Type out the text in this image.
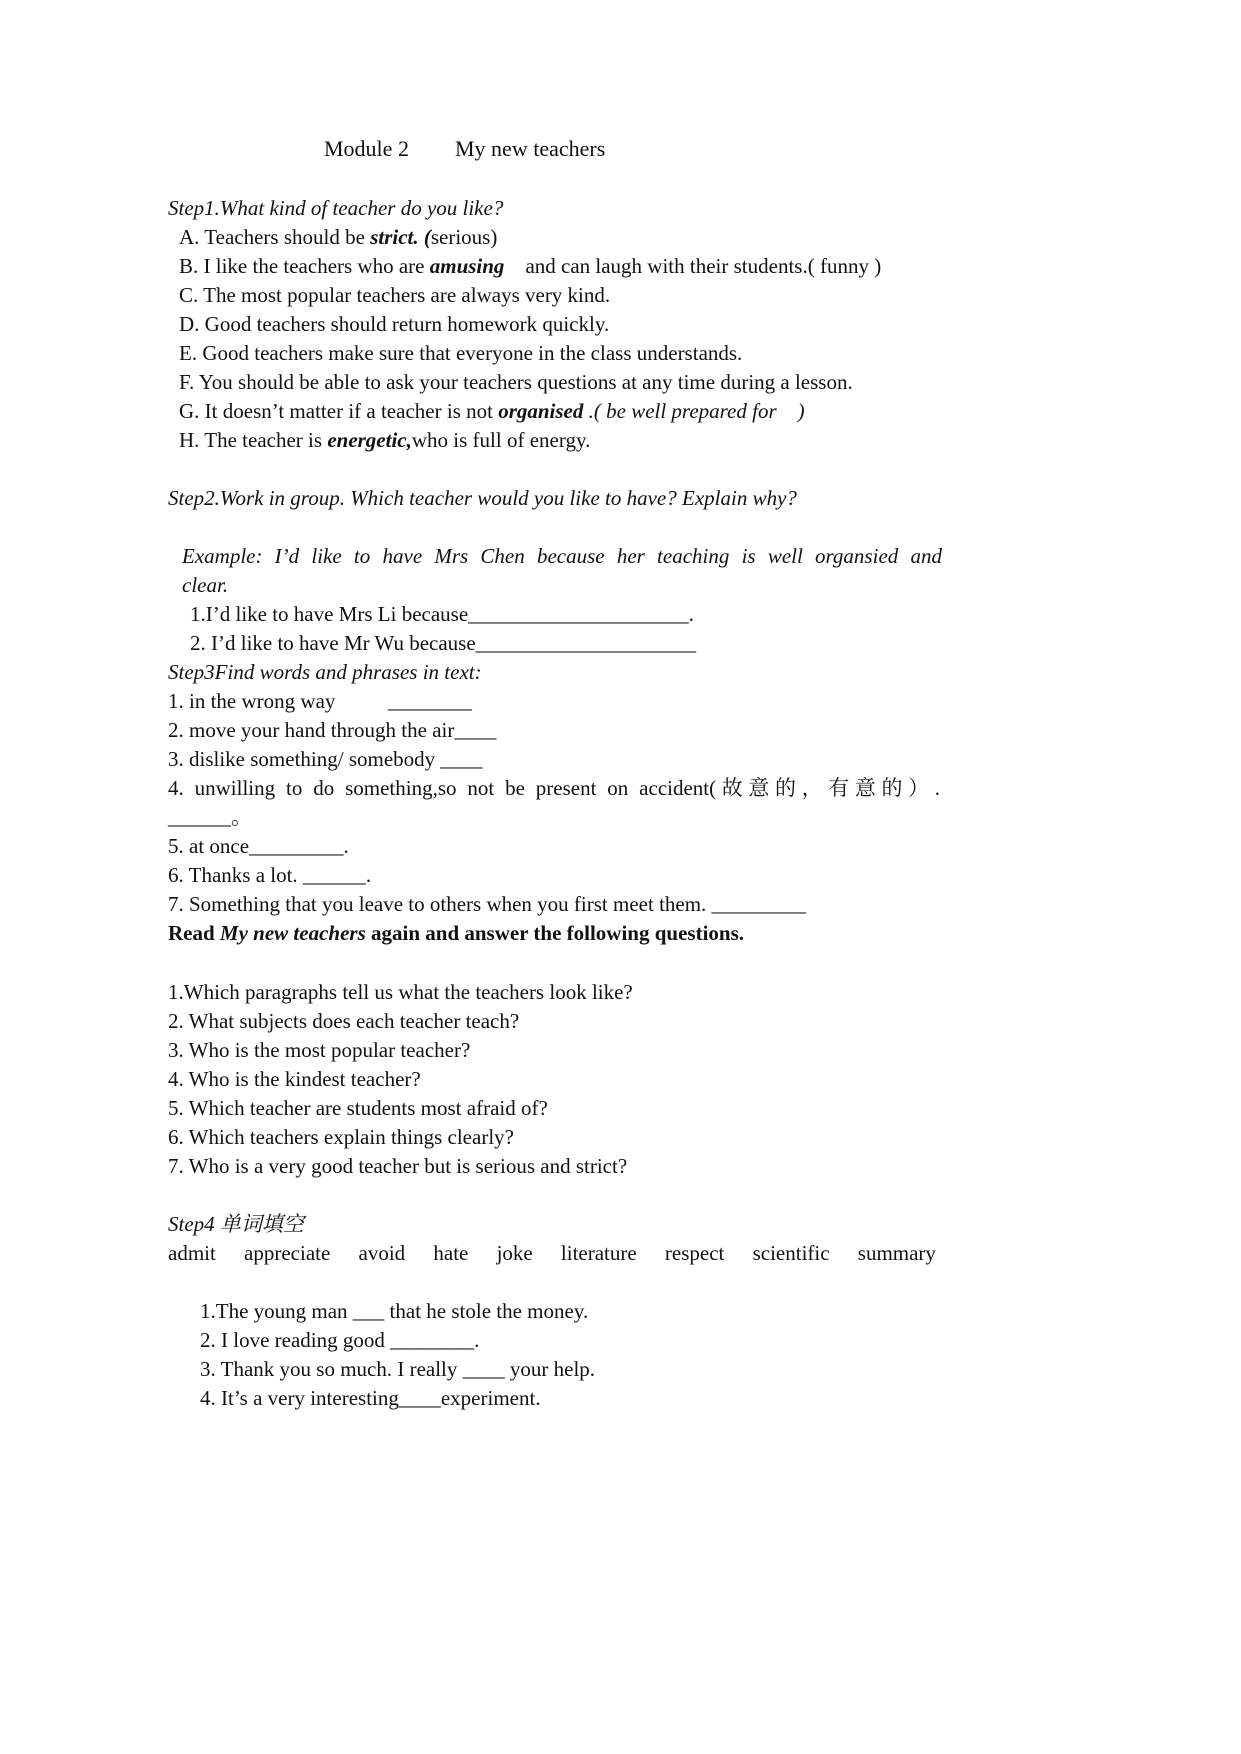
Module 2 My new teachers
Step1.What kind of teacher do you like?
A. Teachers should be strict. (serious)
B. I like the teachers who are amusing    and can laugh with their students.( funny )
C. The most popular teachers are always very kind.
D. Good teachers should return homework quickly.
E. Good teachers make sure that everyone in the class understands.
F. You should be able to ask your teachers questions at any time during a lesson.
G. It doesn’t matter if a teacher is not organised .( be well prepared for    )
H. The teacher is energetic,who is full of energy.
Step2.Work in group. Which teacher would you like to have? Explain why?
Example: I’d like to have Mrs Chen because her teaching is well organsied and
clear.
1.I’d like to have Mrs Li because_____________________.
2. I’d like to have Mr Wu because_____________________
Step3Find words and phrases in text:
1. in the wrong way          ________
2. move your hand through the air____
3. dislike something/ somebody ____
4. unwilling to do something,so not be present on accident(故意的，有意的）.
______。
5. at once_________.
6. Thanks a lot. ______.
7. Something that you leave to others when you first meet them. _________
Read My new teachers again and answer the following questions.
1.Which paragraphs tell us what the teachers look like?
2. What subjects does each teacher teach?
3. Who is the most popular teacher?
4. Who is the kindest teacher?
5. Which teacher are students most afraid of?
6. Which teachers explain things clearly?
7. Who is a very good teacher but is serious and strict?
Step4 单词填空
admit appreciate avoid hate joke literature respect scientific summary
1.The young man ___ that he stole the money.
2. I love reading good ________.
3. Thank you so much. I really ____ your help.
4. It’s a very interesting____experiment.
